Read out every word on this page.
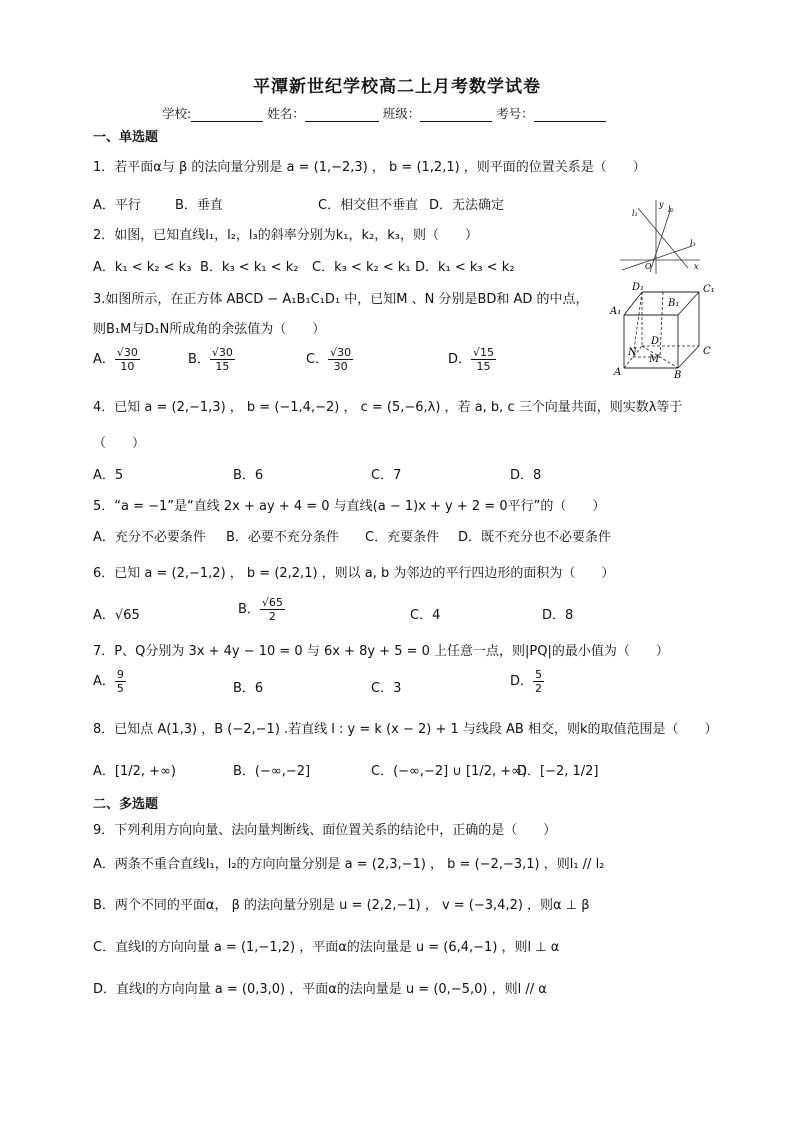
平潭新世纪学校高二上月考数学试卷
学校:	姓名：	班级：	考号：
一、单选题
1．若平面α与 β 的法向量分别是 a = (1,−2,3) ， b = (1,2,1) ，则平面的位置关系是（　　）
A．平行	B．垂直	C．相交但不垂直 D．无法确定
2．如图，已知直线l₁，l₂，l₃的斜率分别为k₁，k₂，k₃，则（　　）
A．k₁ < k₂ < k₃ B．k₃ < k₁ < k₂ C．k₃ < k₂ < k₁ D．k₁ < k₃ < k₂
y
x
O
l₁	l₂
l₃
3.如图所示，在正方体 ABCD − A₁B₁C₁D₁ 中，已知M 、N 分别是BD和 AD 的中点，
则B₁M与D₁N所成角的余弦值为（　　）
A． $\frac{√30}{10}$	B． $\frac{√30}{15}$	C． $\frac{√30}{30}$	D． $\frac{√15}{15}$
A₁
D₁
B₁
C₁
A	B
C
D
M
N
4．已知 a = (2,−1,3) ， b = (−1,4,−2) ， c = (5,−6,λ) ，若 a, b, c 三个向量共面，则实数λ等于
（　　）
A．5	B．6	C．7	D．8
5．“a = −1”是“直线 2x + ay + 4 = 0 与直线(a − 1)x + y + 2 = 0平行”的（　　）
A．充分不必要条件 B．必要不充分条件 C．充要条件 D．既不充分也不必要条件
6．已知 a = (2,−1,2) ， b = (2,2,1) ，则以 a, b 为邻边的平行四边形的面积为（　　）
A．√65	B． $\frac{√65}{2}$	C．4	D．8
7．P、Q分别为 3x + 4y − 10 = 0 与 6x + 8y + 5 = 0 上任意一点，则|PQ|的最小值为（　　）
A． $\frac{9}{5}$	B．6	C．3	D． $\frac{5}{2}$
8．已知点 A(1,3) ，B (−2,−1) .若直线 l : y = k (x − 2) + 1 与线段 AB 相交，则k的取值范围是（　　）
A．[1/2, +∞)	B．(−∞,−2]	C．(−∞,−2] ∪ [1/2, +∞)
D．[−2, 1/2]
二、多选题
9．下列利用方向向量、法向量判断线、面位置关系的结论中，正确的是（　　）
A．两条不重合直线l₁，l₂的方向向量分别是 a = (2,3,−1) ， b = (−2,−3,1) ，则l₁ // l₂
B．两个不同的平面α， β 的法向量分别是 u = (2,2,−1) ， v = (−3,4,2) ，则α ⊥ β
C．直线l的方向向量 a = (1,−1,2) ，平面α的法向量是 u = (6,4,−1) ，则l ⊥ α
D．直线l的方向向量 a = (0,3,0) ，平面α的法向量是 u = (0,−5,0) ，则l // α
